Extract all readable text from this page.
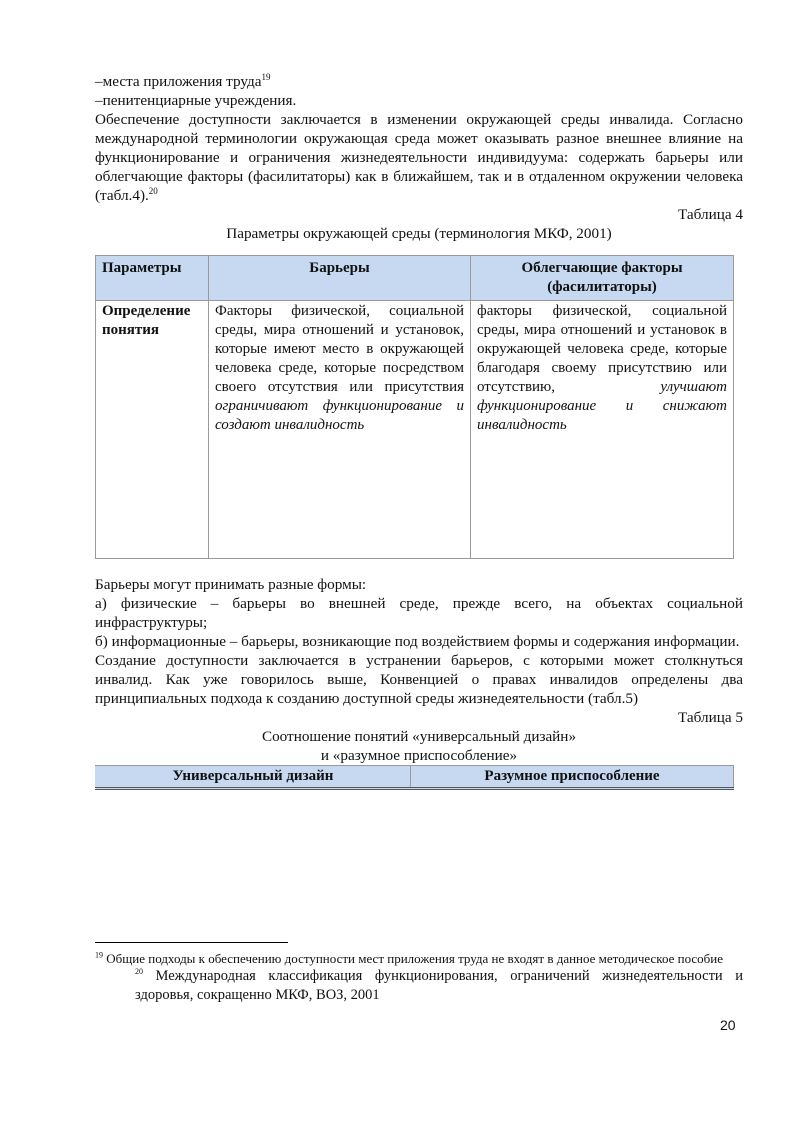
–места приложения труда$^{19}$

–пенитенциарные учреждения.

Обеспечение доступности заключается в изменении окружающей среды инвалида. Согласно международной терминологии окружающая среда может оказывать разное внешнее влияние на функционирование и ограничения жизнедеятельности индивидуума: содержать барьеры или облегчающие факторы (фасилитаторы) как в ближайшем, так и в отдаленном окружении человека (табл.4).$^{20}$

Таблица 4

Параметры окружающей среды (терминология МКФ, 2001)

Параметры	Барьеры	Облегчающие факторы (фасилитаторы)
Определение понятия	Факторы физической, социальной среды, мира отношений и установок, которые имеют место в окружающей человека среде, которые посредством своего отсутствия или присутствия ограничивают функционирование и создают инвалидность	факторы физической, социальной среды, мира отношений и установок в окружающей человека среде, которые благодаря своему присутствию или отсутствию, улучшают функционирование и снижают инвалидность

Барьеры могут принимать разные формы:

а) физические – барьеры во внешней среде, прежде всего, на объектах социальной инфраструктуры;

б) информационные – барьеры, возникающие под воздействием формы и содержания информации.

Создание доступности заключается в устранении барьеров, с которыми может столкнуться инвалид. Как уже говорилось выше, Конвенцией о правах инвалидов определены два принципиальных подхода к созданию доступной среды жизнедеятельности (табл.5)

Таблица 5

Соотношение понятий «универсальный дизайн»

и «разумное приспособление»

Универсальный дизайн	Разумное приспособление

$^{19}$ Общие подходы к обеспечению доступности мест приложения труда не входят в данное методическое пособие

$^{20}$ Международная классификация функционирования, ограничений жизнедеятельности и здоровья, сокращенно МКФ, ВОЗ, 2001

20
